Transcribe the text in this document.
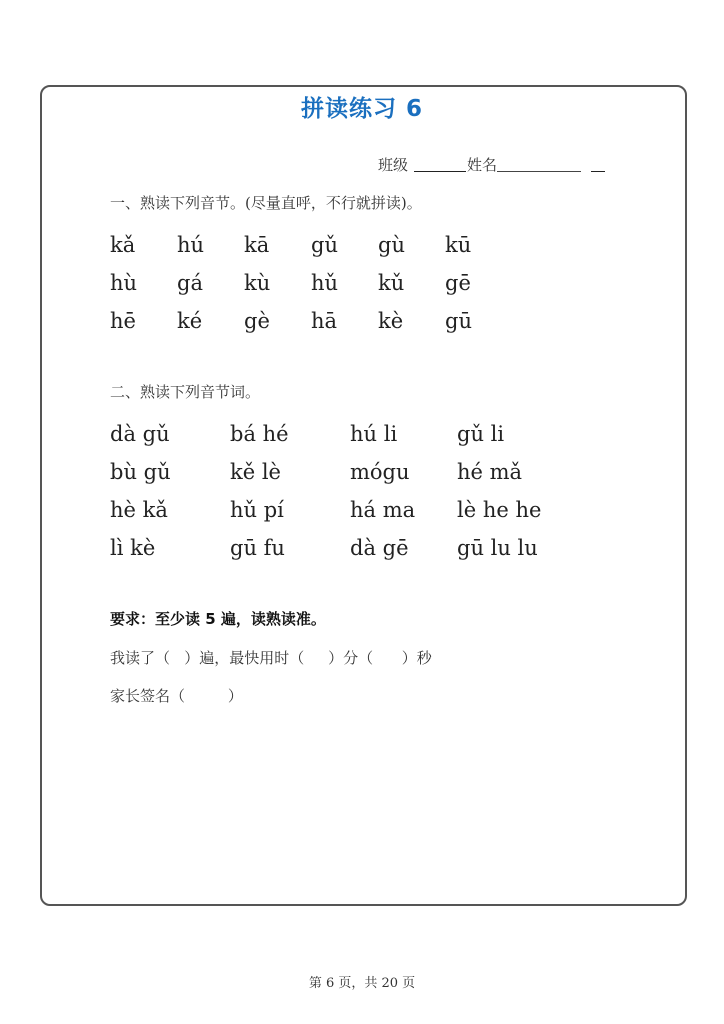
拼读练习 6
班级	姓名
一、熟读下列音节。(尽量直呼，不行就拼读)。
kǎ	hú	kā	gǔ	gù	kū
hù	gá	kù	hǔ	kǔ	gē
hē	ké	gè	hā	kè	gū
二、熟读下列音节词。
dà gǔ	bá hé	hú li	gǔ li
bù gǔ	kě lè	mógu	hé mǎ
hè kǎ	hǔ pí	há ma	lè he he
lì kè	gū fu	dà gē	gū lu lu
要求：至少读 5 遍，读熟读准。
我读了（   ）遍，最快用时（     ）分（      ）秒
家长签名（         ）
第 6 页，共 20 页
